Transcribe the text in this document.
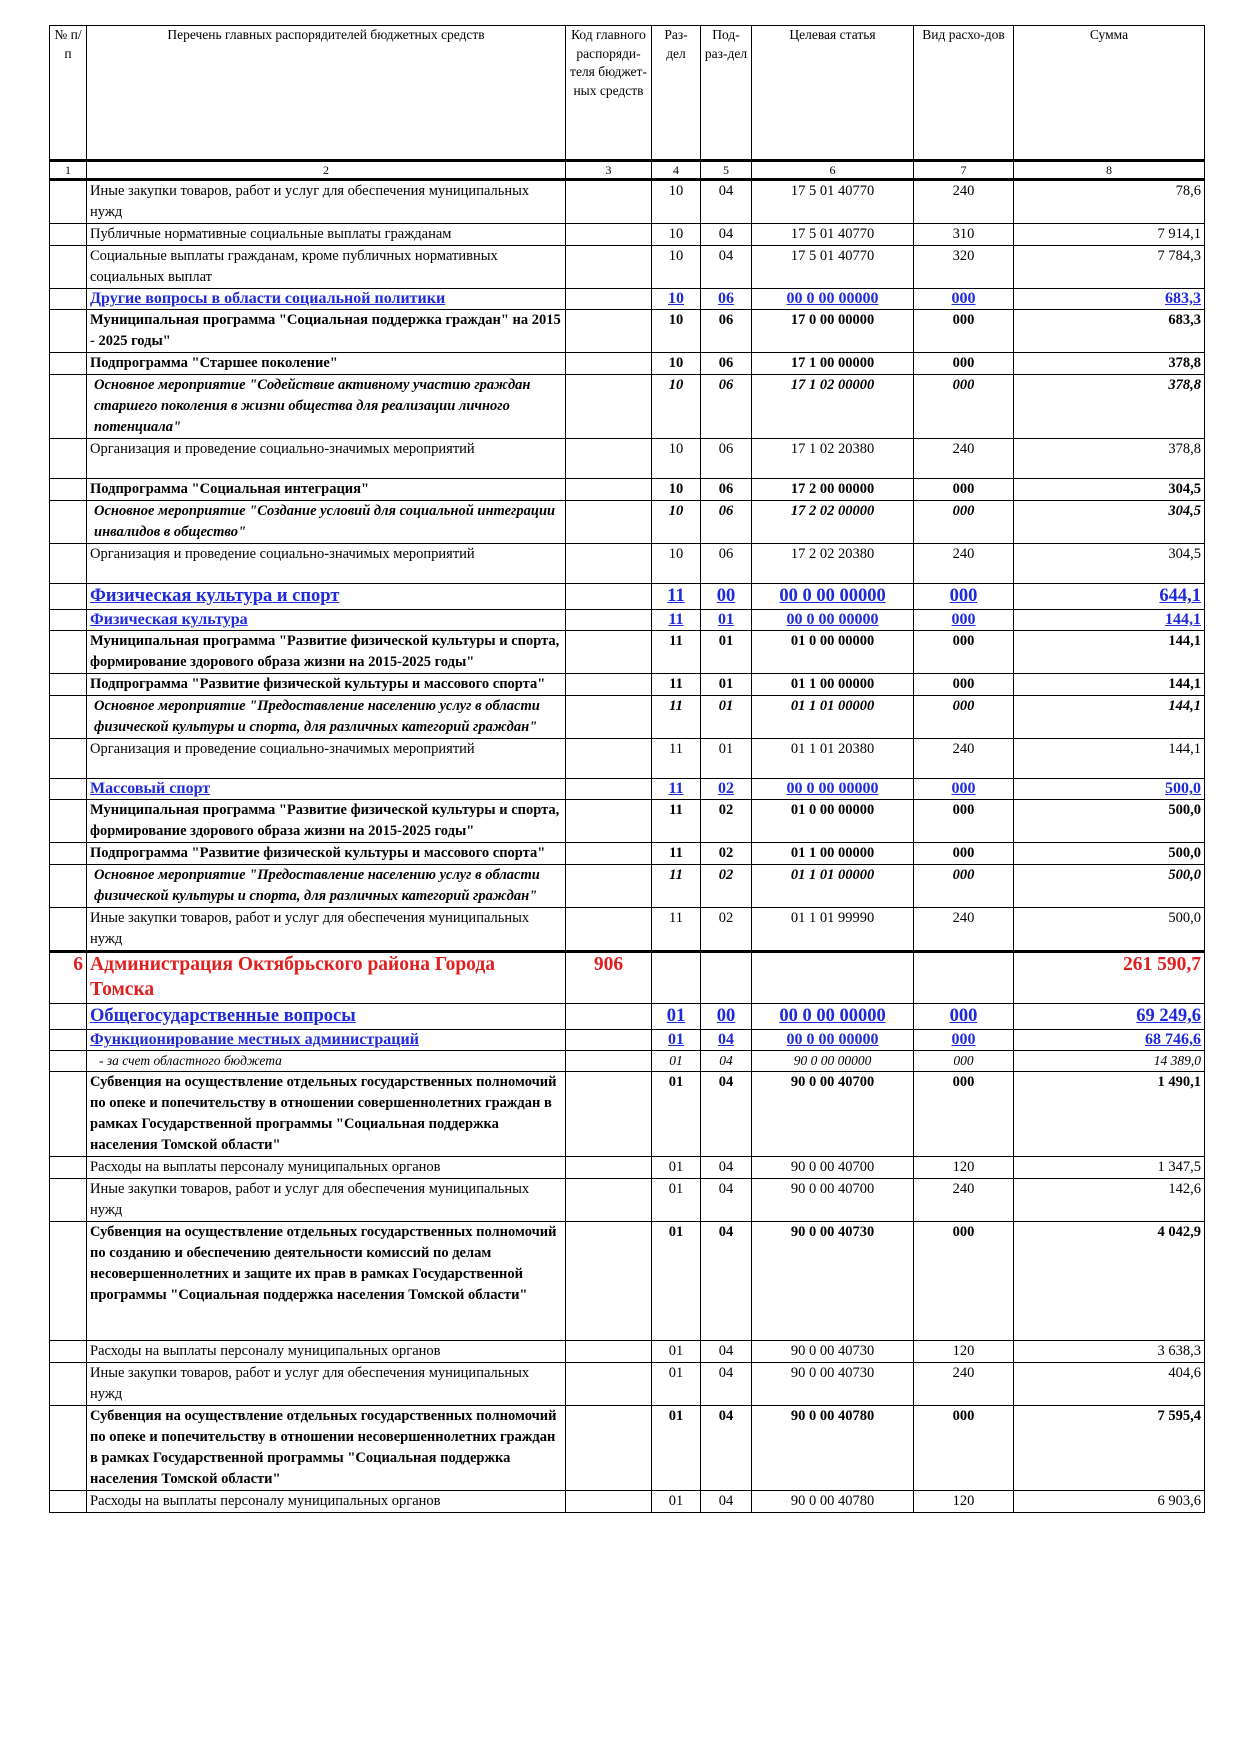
№ п/п	Перечень главных распорядителей бюджетных средств	Код главного распоряди-теля бюджет-ных средств	Раз-дел	Под-раз-дел	Целевая статья	Вид расхо-дов	Сумма
1	2	3	4	5	6	7	8
	Иные закупки товаров, работ и услуг для обеспечения муниципальных нужд		10	04	17 5 01 40770	240	78,6
	Публичные нормативные социальные выплаты гражданам		10	04	17 5 01 40770	310	7 914,1
	Социальные выплаты гражданам, кроме публичных нормативных социальных выплат		10	04	17 5 01 40770	320	7 784,3
	Другие вопросы в области социальной политики		10	06	00 0 00 00000	000	683,3
	Муниципальная программа "Социальная поддержка граждан" на 2015 - 2025 годы"		10	06	17 0 00 00000	000	683,3
	Подпрограмма "Старшее поколение"		10	06	17 1 00 00000	000	378,8
	Основное мероприятие "Содействие активному участию граждан старшего поколения в жизни общества для реализации личного потенциала"		10	06	17 1 02 00000	000	378,8
	Организация и проведение социально-значимых мероприятий		10	06	17 1 02 20380	240	378,8
	Подпрограмма "Социальная интеграция"		10	06	17 2 00 00000	000	304,5
	Основное мероприятие "Создание условий для социальной интеграции инвалидов в общество"		10	06	17 2 02 00000	000	304,5
	Организация и проведение социально-значимых мероприятий		10	06	17 2 02 20380	240	304,5
	Физическая культура и спорт		11	00	00 0 00 00000	000	644,1
	Физическая культура		11	01	00 0 00 00000	000	144,1
	Муниципальная программа "Развитие физической культуры и спорта, формирование здорового образа жизни на 2015-2025 годы"		11	01	01 0 00 00000	000	144,1
	Подпрограмма "Развитие физической культуры и массового спорта"		11	01	01 1 00 00000	000	144,1
	Основное мероприятие "Предоставление населению услуг в области физической культуры и спорта, для различных категорий граждан"		11	01	01 1 01 00000	000	144,1
	Организация и проведение социально-значимых мероприятий		11	01	01 1 01 20380	240	144,1
	Массовый спорт		11	02	00 0 00 00000	000	500,0
	Муниципальная программа "Развитие физической культуры и спорта, формирование здорового образа жизни на 2015-2025 годы"		11	02	01 0 00 00000	000	500,0
	Подпрограмма "Развитие физической культуры и массового спорта"		11	02	01 1 00 00000	000	500,0
	Основное мероприятие "Предоставление населению услуг в области физической культуры и спорта, для различных категорий граждан"		11	02	01 1 01 00000	000	500,0
	Иные закупки товаров, работ и услуг для обеспечения муниципальных нужд		11	02	01 1 01 99990	240	500,0
6	Администрация Октябрьского района Города Томска	906					261 590,7
	Общегосударственные вопросы		01	00	00 0 00 00000	000	69 249,6
	Функционирование местных администраций		01	04	00 0 00 00000	000	68 746,6
	- за счет областного бюджета		01	04	90 0 00 00000	000	14 389,0
	Субвенция на осуществление отдельных государственных полномочий по опеке и попечительству в отношении совершеннолетних граждан в рамках Государственной программы "Социальная поддержка населения Томской области"		01	04	90 0 00 40700	000	1 490,1
	Расходы на выплаты персоналу муниципальных органов		01	04	90 0 00 40700	120	1 347,5
	Иные закупки товаров, работ и услуг для обеспечения муниципальных нужд		01	04	90 0 00 40700	240	142,6
	Субвенция на осуществление отдельных государственных полномочий по созданию и обеспечению деятельности комиссий по делам несовершеннолетних и защите их прав в рамках Государственной программы "Социальная поддержка населения Томской области"		01	04	90 0 00 40730	000	4 042,9
	Расходы на выплаты персоналу муниципальных органов		01	04	90 0 00 40730	120	3 638,3
	Иные закупки товаров, работ и услуг для обеспечения муниципальных нужд		01	04	90 0 00 40730	240	404,6
	Субвенция на осуществление отдельных государственных полномочий по опеке и попечительству в отношении несовершеннолетних граждан в рамках Государственной программы "Социальная поддержка населения Томской области"		01	04	90 0 00 40780	000	7 595,4
	Расходы на выплаты персоналу муниципальных органов		01	04	90 0 00 40780	120	6 903,6
